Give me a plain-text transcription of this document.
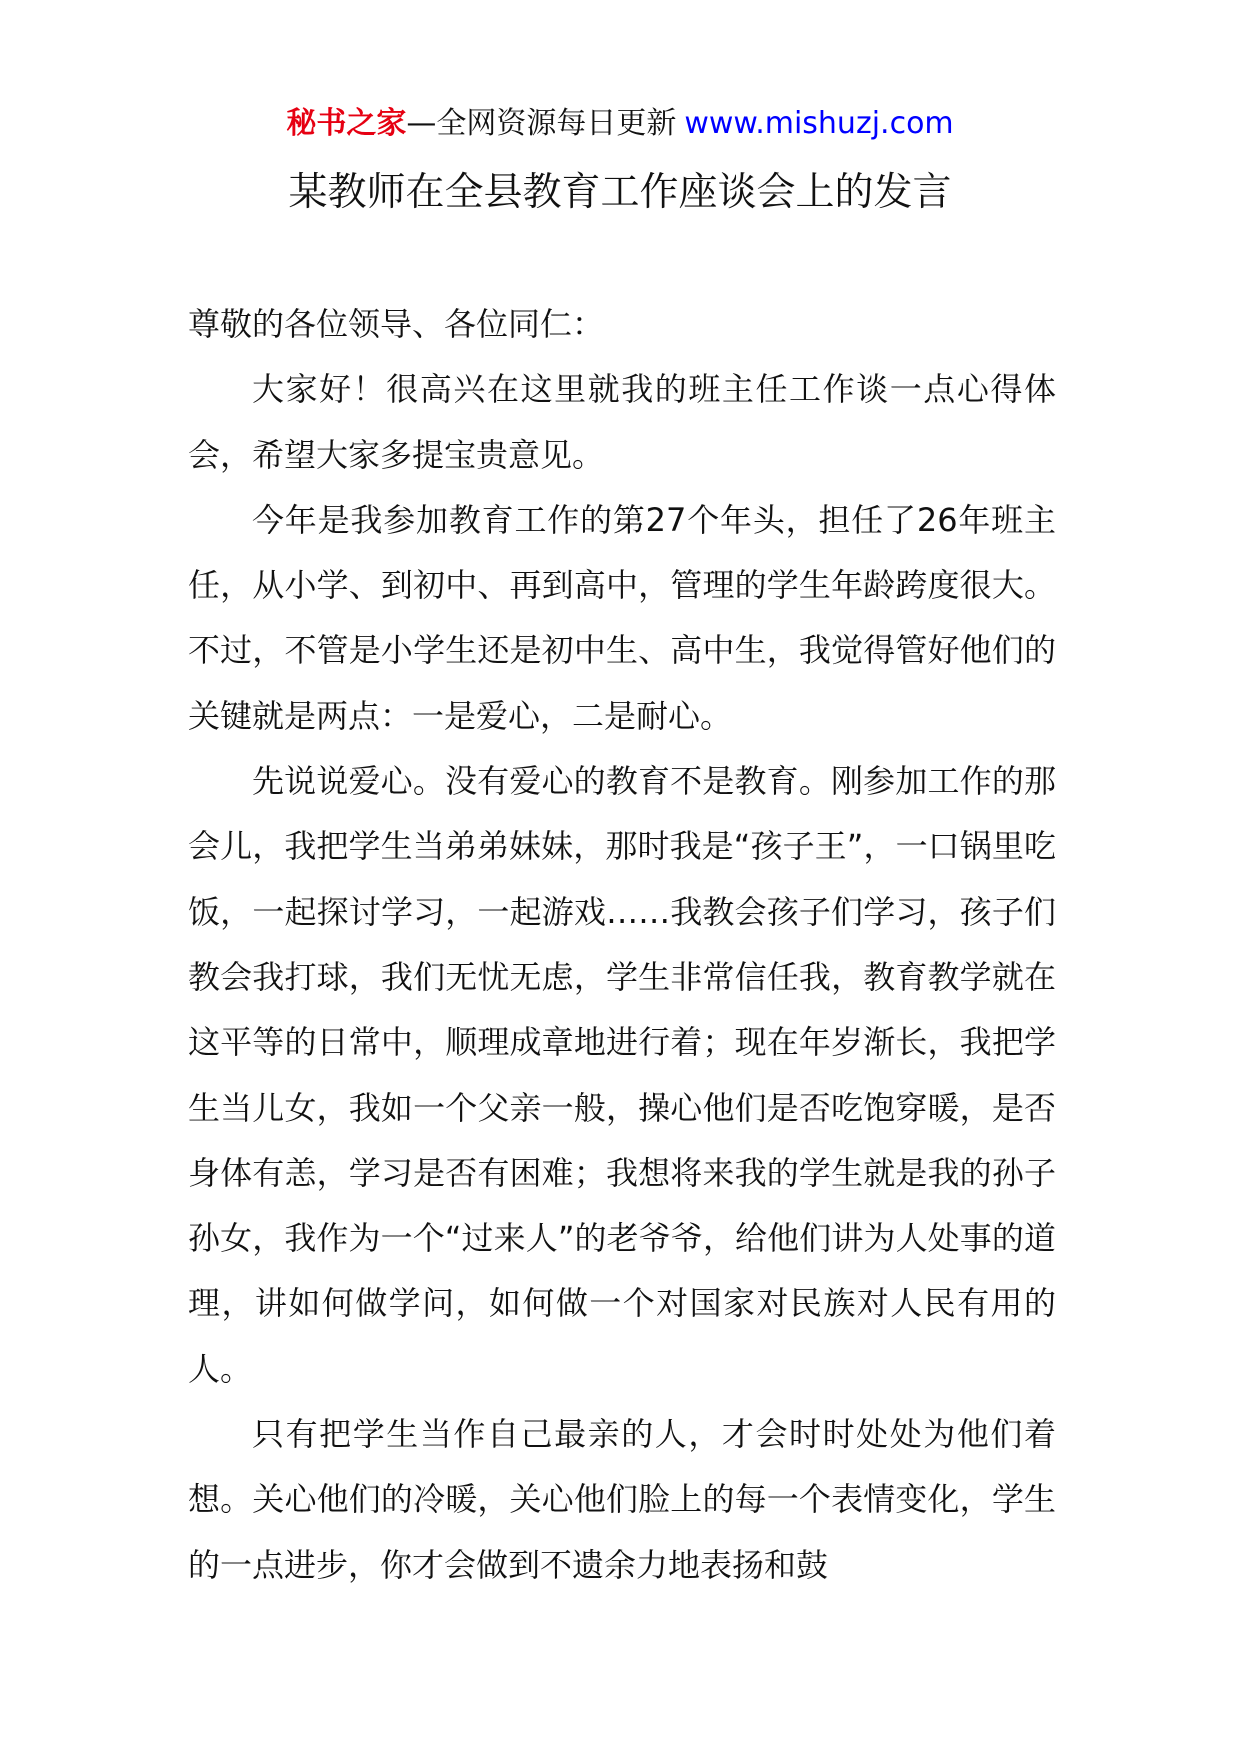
秘书之家—全网资源每日更新 www.mishuzj.com
某教师在全县教育工作座谈会上的发言

尊敬的各位领导、各位同仁：

大家好！很高兴在这里就我的班主任工作谈一点心得体会，希望大家多提宝贵意见。

今年是我参加教育工作的第27个年头，担任了26年班主任，从小学、到初中、再到高中，管理的学生年龄跨度很大。不过，不管是小学生还是初中生、高中生，我觉得管好他们的关键就是两点：一是爱心，二是耐心。

先说说爱心。没有爱心的教育不是教育。刚参加工作的那会儿，我把学生当弟弟妹妹，那时我是“孩子王”，一口锅里吃饭，一起探讨学习，一起游戏……我教会孩子们学习，孩子们教会我打球，我们无忧无虑，学生非常信任我，教育教学就在这平等的日常中，顺理成章地进行着；现在年岁渐长，我把学生当儿女，我如一个父亲一般，操心他们是否吃饱穿暖，是否身体有恙，学习是否有困难；我想将来我的学生就是我的孙子孙女，我作为一个“过来人”的老爷爷，给他们讲为人处事的道理，讲如何做学问，如何做一个对国家对民族对人民有用的人。

只有把学生当作自己最亲的人，才会时时处处为他们着想。关心他们的冷暖，关心他们脸上的每一个表情变化，学生的一点进步，你才会做到不遗余力地表扬和鼓
